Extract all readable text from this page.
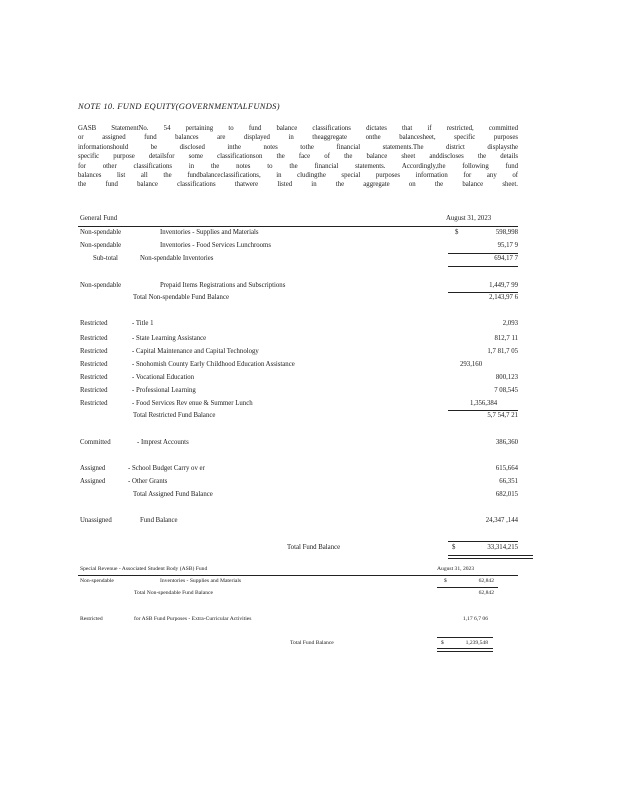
NOTE 10. FUND EQUITY(GOVERNMENTALFUNDS)

GASB StatementNo. 54 pertaining to fund balance classifications dictates that if restricted, committed

or assigned fund balances are displayed in theaggregate onthe balancesheet, specific purposes

informationshould be disclosed inthe notes tothe financial statements.The district displaysthe

specific purpose detailsfor some classificationson the face of the balance sheet anddiscloses the details

for other classifications in the notes to the financial statements. Accordingly,the following fund

balances list all the fundbalanceclassifications, in cludingthe special purposes information for any of

the fund balance classifications thatwere listed in the aggregate on the balance sheet.

General Fund	August 31, 2023
Non-spendable	Inventories - Supplies and Materials	$	598,998
Non-spendable	Inventories - Food Services Lunchrooms	95,17 9
Sub-total	Non-spendable Inventories	694,17 7
Non-spendable	Prepaid Items Registrations and Subscriptions	1,449,7 99
Total Non-spendable Fund Balance	2,143,97 6
Restricted	- Title 1	2,093
Restricted	- State Learning Assistance	812,7 11
Restricted	- Capital Maintenance and Capital Technology	1,7 81,7 05
Restricted	- Snohomish County Early Childhood Education Assistance	293,160
Restricted	- Vocational Education	800,123
Restricted	- Professional Learning	7 08,545
Restricted	- Food Services Rev enue & Summer Lunch	1,356,384
Total Restricted Fund Balance	5,7 54,7 21
Committed	- Imprest Accounts	386,360
Assigned	- School Budget Carry ov er	615,664
Assigned	- Other Grants	66,351
Total Assigned Fund Balance	682,015
Unassigned	Fund Balance	24,347 ,144
Total Fund Balance	$	33,314,215
Special Revenue - Associated Student Body (ASB) Fund	August 31, 2023
Non-spendable	Inventories - Supplies and Materials	$	62,842
Total Non-spendable Fund Balance	62,842
Restricted	for ASB Fund Purposes - Extra-Curricular Activities	1,17 6,7 06
Total Fund Balance	$	1,239,548
